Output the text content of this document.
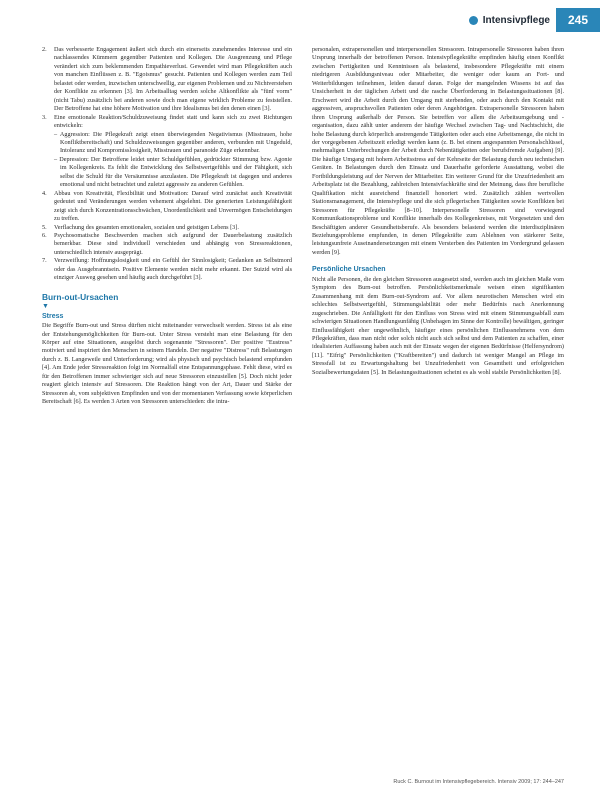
Intensivpflege	245
2. Das verbesserte Engagement äußert sich durch ein einerseits zunehmendes Interesse und ein nachlassendes Kümmern gegenüber Patienten und Kollegen. Die Ausgrenzung und Pflege verändert sich zum beklemmenden Empathieverlust. Gewendet wird man Pflegekräften auch von manchen Einflüssen z. B. "Egoismus" gesucht. Patienten und Kollegen werden zum Teil belastet oder werden, inzwischen unterschwellig, zur eigenen Problemen und zu Nichtverstehen der Konflikte zu erkennen [3]. Im Arbeitsalltag werden solche Altkonflikte als "fünf vorm" (nicht Tabu) zusätzlich bei anderen sowie doch man eigene wirklich Probleme zu feststellen. Der Betroffene hat eine höhere Motivation und ihre Idealismus bei den denen einen [3].
3. Eine emotionale Reaktion/Schuldzuweisung findet statt und kann sich zu zwei Richtungen entwickeln:

– Aggression: Die Pflegekraft zeigt einen überwiegenden Negativismus (Misstrauen, hohe Konfliktbereitschaft) und Schuldzuweisungen gegenüber anderen, verbunden mit Ungeduld, Intoleranz und Kompromisslosigkeit, Misstrauen und paranoide Züge erkennbar.

– Depression: Der Betroffene leidet unter Schuldgefühlen, gedrückter Stimmung bzw. Agonie im Kollegenkreis. Es fehlt die Entwicklung des Selbstwertgefühls und der Fähigkeit, sich selbst die Schuld für die Versäumnisse anzulasten. Die Pflegekraft ist dagegen und anderes emotional und nicht betrachtet und zuletzt aggressiv zu anderen Gefühlen.

4. Abbau von Kreativität, Flexibilität und Motivation: Darauf wird zunächst auch Kreativität gedeutet und Veränderungen werden vehement abgelehnt. Die generierten Leistungsfähigkeit zeigt sich durch Konzentrationsschwächen, Unordentlichkeit und Unvermögen Entscheidungen zu treffen.
5. Verflachung des gesamten emotionalen, sozialen und geistigen Lebens [3].
6. Psychosomatische Beschwerden machen sich aufgrund der Dauerbelastung zusätzlich bemerkbar. Diese sind individuell verschieden und abhängig von Stressreaktionen, unterschiedlich intensiv ausgeprägt.
7. Verzweiflung: Hoffnungslosigkeit und ein Gefühl der Sinnlosigkeit; Gedanken an Selbstmord oder das Ausgebranntsein. Positive Elemente werden nicht mehr erkannt. Der Suizid wird als einziger Ausweg gesehen und häufig auch durchgeführt [3].
Burn-out-Ursachen
▼
Stress

Die Begriffe Burn-out und Stress dürften nicht miteinander verwechselt werden. Stress ist als eine der Entstehungsmöglichkeiten für Burn-out. Unter Stress versteht man eine Belastung für den Körper auf eine Situationen, ausgelöst durch sogenannte "Stressoren". Der positive "Eustress" motiviert und inspiriert den Menschen in seinem Handeln. Der negative "Distress" ruft Belastungen durch z. B. Langeweile und Unterforderung; wird als physisch und psychisch belastend empfunden [4]. Am Ende jeder Stressreaktion folgt im Normalfall eine Entspannungsphase. Fehlt diese, wird es für den Betroffenen immer schwieriger sich auf neue Stressoren einzustellen [5]. Doch nicht jeder reagiert gleich intensiv auf Stressoren. Die Reaktion hängt von der Art, Dauer und Stärke der Stressoren ab, vom subjektiven Empfinden und von der momentanen Verfassung sowie körperlichen Bereitschaft [6]. Es werden 3 Arten von Stressoren unterschieden: die intra-

personalen, extrapersonellen und interpersonellen Stressoren. Intrapersonelle Stressoren haben ihren Ursprung innerhalb der betroffenen Person. Intensivpflegekräfte empfinden häufig einen Konflikt zwischen Fertigkeiten und Kenntnissen als belastend, insbesondere Pflegekräfte mit einem niedrigeren Ausbildungsniveau oder Mitarbeiter, die weniger oder kaum an Fort- und Weiterbildungen teilnehmen, leiden darauf daran. Folge der mangelnden Wissens ist auf das Unsicherheit in der täglichen Arbeit und die rasche Überforderung in Belastungssituationen [8]. Erschwert wird die Arbeit durch den Umgang mit sterbenden, oder auch durch den Kontakt mit aggressiven, anspruchsvollen Patienten oder deren Angehörigen. Extrapersonelle Stressoren haben ihren Ursprung außerhalb der Person. Sie betreffen vor allem die Arbeitsumgebung und -organisation, dazu zählt unter anderem der häufige Wechsel zwischen Tag- und Nachtschicht, die hohe Belastung durch körperlich anstrengende Tätigkeiten oder auch eine Arbeitsmenge, die nicht in der vorgegebenen Arbeitszeit erledigt werden kann (z. B. bei einem angespannten Personalschlüssel, mehrmaligen Unterbrechungen der Arbeit durch Nebentätigkeiten oder berufsfremde Aufgaben) [9]. Die häufige Umgang mit hohem Arbeitsstress auf der Kehrseite der Belastung durch neu technischen Geräten. In Belastungen durch den Einsatz und Dauerhafte geforderte Ausstattung, wobei die Fortbildungsleistung auf der Nerven der Mitarbeiter. Ein weiterer Grund für die Unzufriedenheit am Arbeitsplatz ist die Bezahlung, zahlreichen Intensivfachkräfte sind der Meinung, dass ihre berufliche Qualifikation nicht ausreichend finanziell honoriert wird. Zusätzlich zählen wertvollen Stationsmanagement, die Intensivpflege und die sich pflegerischen Tätigkeiten sowie Konflikten bei Stressoren für Pflegekräfte [8–10]. Interpersonelle Stressoren sind vorwiegend Kommunikationsprobleme und Konflikte innerhalb des Kollegenkreises, mit Vorgesetzten und den Beschäftigten anderer Gesundheitsberufe. Als besonders belastend werden die interdisziplinären Beziehungsprobleme empfunden, in denen Pflegekräfte zum Ablehnen von stärkerer Seite, leistungsunfreie Auseinandersetzungen mit einem Versterben des Patienten im Vordergrund gelassen werden [9].

Persönliche Ursachen

Nicht alle Personen, die den gleichen Stressoren ausgesetzt sind, werden auch im gleichen Maße vom Symptom des Burn-out betroffen. Persönlichkeitsmerkmale weisen einen signifikanten Zusammenhang mit dem Burn-out-Syndrom auf. Vor allem neurotischen Menschen wird ein schlechtes Selbstwertgefühl, Stimmungslabilität oder mehr Bedürfnis nach Anerkennung zugeschrieben. Die Anfälligkeit für den Einfluss von Stress wird mit einem Stimmungsabfall zum schwierigen Situationen Handlungsunfähig (Unbehagen im Sinne der Kontrolle) bewältigen, geringer Einflussfähigkeit eher ungewöhnlich, häufiger eines persönlichen Einflussnehmens von dem Pflegekräften, dass man nicht oder solch nicht auch sich selbst und dem Patienten zu schaffen, einer idealisierten Auffassung haben auch mit der Einsatz wegen der eigenen Bedürfnisse (Helfersyndrom) [11]. "Eifrig" Persönlichkeiten ("Kraftbereiten") und dadurch ist weniger Mangel an Pflege im Stressfall ist zu Erwartungshaltung bei Unzufriedenheit von Gesamtheit und erfolgreichen Sozialbewertungsdaten [5]. In Belastungssituationen scheint es als wohl stabile Persönlichkeiten [8].

Ruck C. Burnout im Intensivpflegebereich. Intensiv 2009; 17: 244–247
